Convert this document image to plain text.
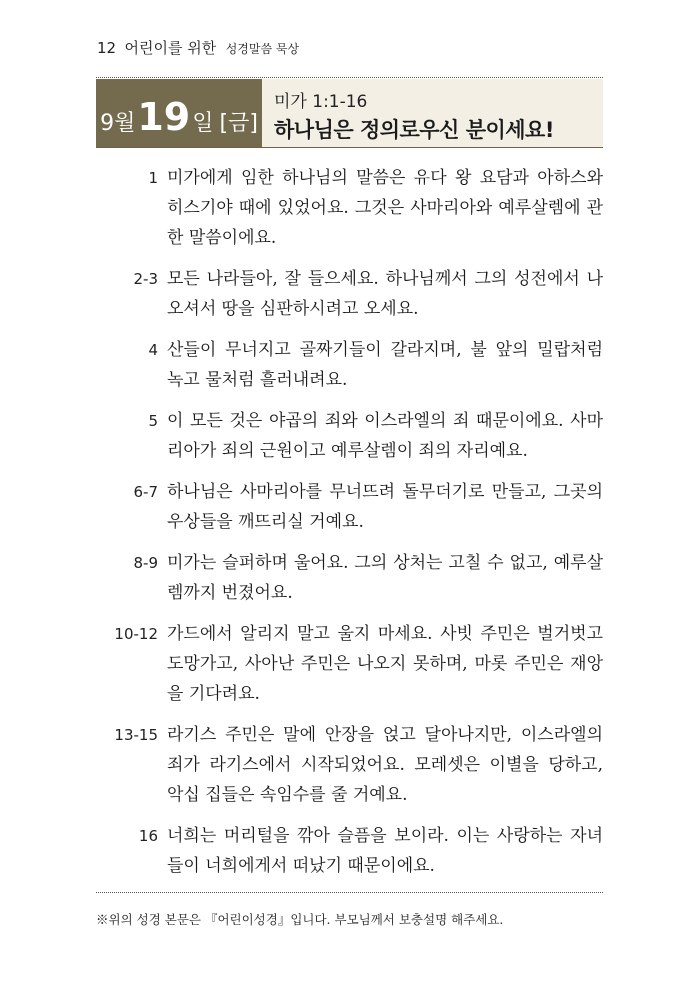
12 어린이를 위한 성경말씀 묵상
9월 19 일 [금]
미가 1:1-16
하나님은 정의로우신 분이세요!
1 미가에게 임한 하나님의 말씀은 유다 왕 요담과 아하스와 히스기야 때에 있었어요. 그것은 사마리아와 예루살렘에 관한 말씀이에요.
2-3 모든 나라들아, 잘 들으세요. 하나님께서 그의 성전에서 나오셔서 땅을 심판하시려고 오세요.
4 산들이 무너지고 골짜기들이 갈라지며, 불 앞의 밀랍처럼 녹고 물처럼 흘러내려요.
5 이 모든 것은 야곱의 죄와 이스라엘의 죄 때문이에요. 사마리아가 죄의 근원이고 예루살렘이 죄의 자리예요.
6-7 하나님은 사마리아를 무너뜨려 돌무더기로 만들고, 그곳의 우상들을 깨뜨리실 거예요.
8-9 미가는 슬퍼하며 울어요. 그의 상처는 고칠 수 없고, 예루살렘까지 번졌어요.
10-12 가드에서 알리지 말고 울지 마세요. 사빗 주민은 벌거벗고 도망가고, 사아난 주민은 나오지 못하며, 마롯 주민은 재앙을 기다려요.
13-15 라기스 주민은 말에 안장을 얹고 달아나지만, 이스라엘의 죄가 라기스에서 시작되었어요. 모레셋은 이별을 당하고, 악십 집들은 속임수를 줄 거예요.
16 너희는 머리털을 깎아 슬픔을 보이라. 이는 사랑하는 자녀들이 너희에게서 떠났기 때문이에요.
※위의 성경 본문은 『어린이성경』입니다. 부모님께서 보충설명 해주세요.
